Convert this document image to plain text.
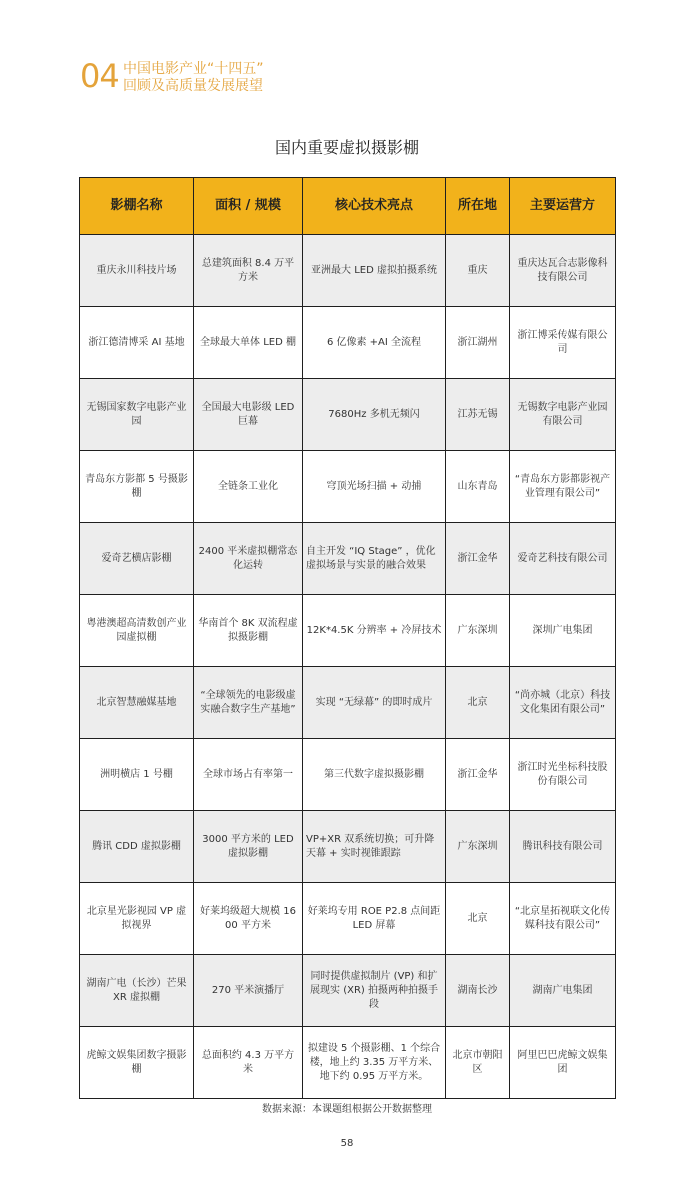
04 中国电影产业“十四五”
回顾及高质量发展展望
国内重要虚拟摄影棚
影棚名称	面积 / 规模	核心技术亮点	所在地	主要运营方
重庆永川科技片场	总建筑面积 8.4 万平方米	亚洲最大 LED 虚拟拍摄系统	重庆	重庆达瓦合志影像科技有限公司
浙江德清博采 AI 基地	全球最大单体 LED 棚	6 亿像素 +AI 全流程	浙江湖州	浙江博采传媒有限公司
无锡国家数字电影产业园	全国最大电影级 LED 巨幕	7680Hz 多机无频闪	江苏无锡	无锡数字电影产业园有限公司
青岛东方影都 5 号摄影棚	全链条工业化	穹顶光场扫描 + 动捕	山东青岛	“青岛东方影都影视产业管理有限公司”
爱奇艺横店影棚	2400 平米虚拟棚常态化运转	自主开发 “IQ Stage” ，优化虚拟场景与实景的融合效果	浙江金华	爱奇艺科技有限公司
粤港澳超高清数创产业园虚拟棚	华南首个 8K 双流程虚拟摄影棚	12K*4.5K 分辨率 + 冷屏技术	广东深圳	深圳广电集团
北京智慧融媒基地	“全球领先的电影级虚实融合数字生产基地”	实现 “无绿幕” 的即时成片	北京	“尚亦城（北京）科技文化集团有限公司”
洲明横店 1 号棚	全球市场占有率第一	第三代数字虚拟摄影棚	浙江金华	浙江时光坐标科技股份有限公司
腾讯 CDD 虚拟影棚	3000 平方米的 LED 虚拟影棚	VP+XR 双系统切换；可升降天幕 + 实时视锥跟踪	广东深圳	腾讯科技有限公司
北京星光影视园 VP 虚拟视界	好莱坞级超大规模 1600 平方米	好莱坞专用 ROE P2.8 点间距 LED 屏幕	北京	“北京星拓视联文化传媒科技有限公司”
湖南广电（长沙）芒果 XR 虚拟棚	270 平米演播厅	同时提供虚拟制片 (VP) 和扩展现实 (XR) 拍摄两种拍摄手段	湖南长沙	湖南广电集团
虎鲸文娱集团数字摄影棚	总面积约 4.3 万平方米	拟建设 5 个摄影棚、1 个综合楼，地上约 3.35 万平方米、地下约 0.95 万平方米。	北京市朝阳区	阿里巴巴虎鲸文娱集团
数据来源：本课题组根据公开数据整理
58
